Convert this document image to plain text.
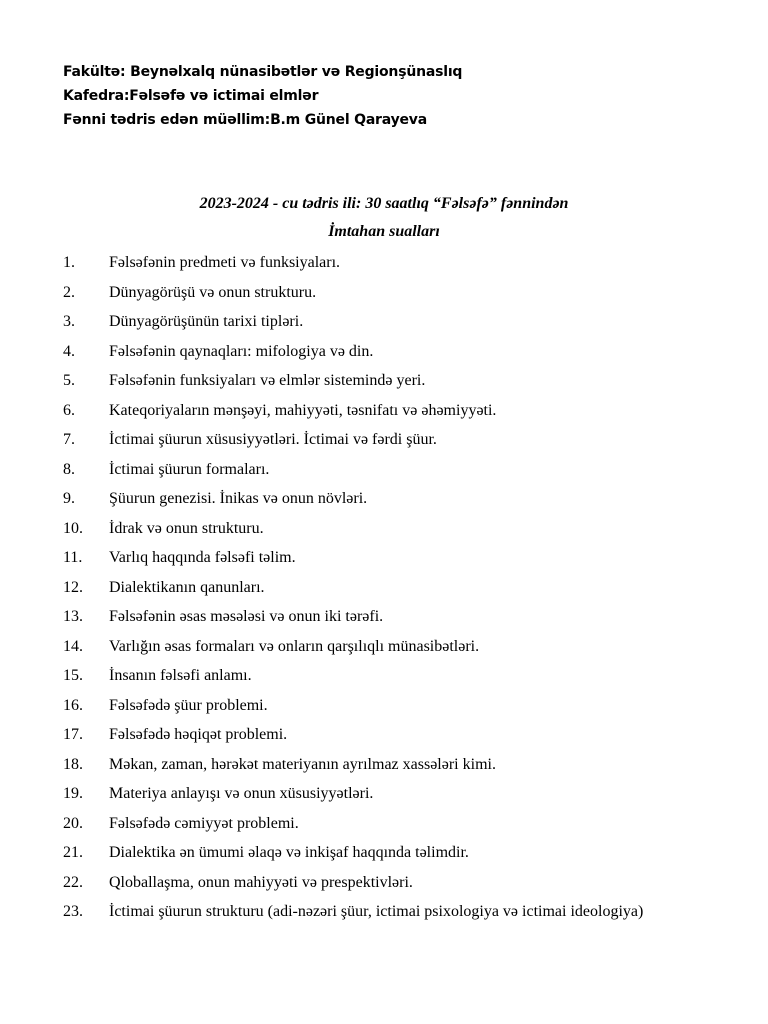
Fakültə: Beynəlxalq nünasibətlər və Regionşünaslıq
Kafedra:Fəlsəfə və ictimai elmlər
Fənni tədris edən müəllim:B.m Günel Qarayeva
2023-2024 - cu tədris ili: 30 saatlıq “Fəlsəfə” fənnindən
İmtahan sualları
1.	Fəlsəfənin predmeti və funksiyaları.
2.	Dünyagörüşü və onun strukturu.
3.	Dünyagörüşünün tarixi tipləri.
4.	Fəlsəfənin qaynaqları: mifologiya və din.
5.	Fəlsəfənin funksiyaları və elmlər sistemində yeri.
6.	Kateqoriyaların mənşəyi, mahiyyəti, təsnifatı və əhəmiyyəti.
7.	İctimai şüurun xüsusiyyətləri. İctimai və fərdi şüur.
8.	İctimai şüurun formaları.
9.	Şüurun genezisi. İnikas və onun növləri.
10.	İdrak və onun strukturu.
11.	Varlıq haqqında fəlsəfi təlim.
12.	Dialektikanın qanunları.
13.	Fəlsəfənin əsas məsələsi və onun iki tərəfi.
14.	Varlığın əsas formaları və onların qarşılıqlı münasibətləri.
15.	İnsanın fəlsəfi anlamı.
16.	Fəlsəfədə şüur problemi.
17.	Fəlsəfədə həqiqət problemi.
18.	Məkan, zaman, hərəkət materiyanın ayrılmaz xassələri kimi.
19.	Materiya anlayışı və onun xüsusiyyətləri.
20.	Fəlsəfədə cəmiyyət problemi.
21.	Dialektika ən ümumi əlaqə və inkişaf haqqında təlimdir.
22.	Qloballaşma, onun mahiyyəti və prespektivləri.
23. İctimai şüurun strukturu (adi-nəzəri şüur, ictimai psixologiya və ictimai ideologiya)
